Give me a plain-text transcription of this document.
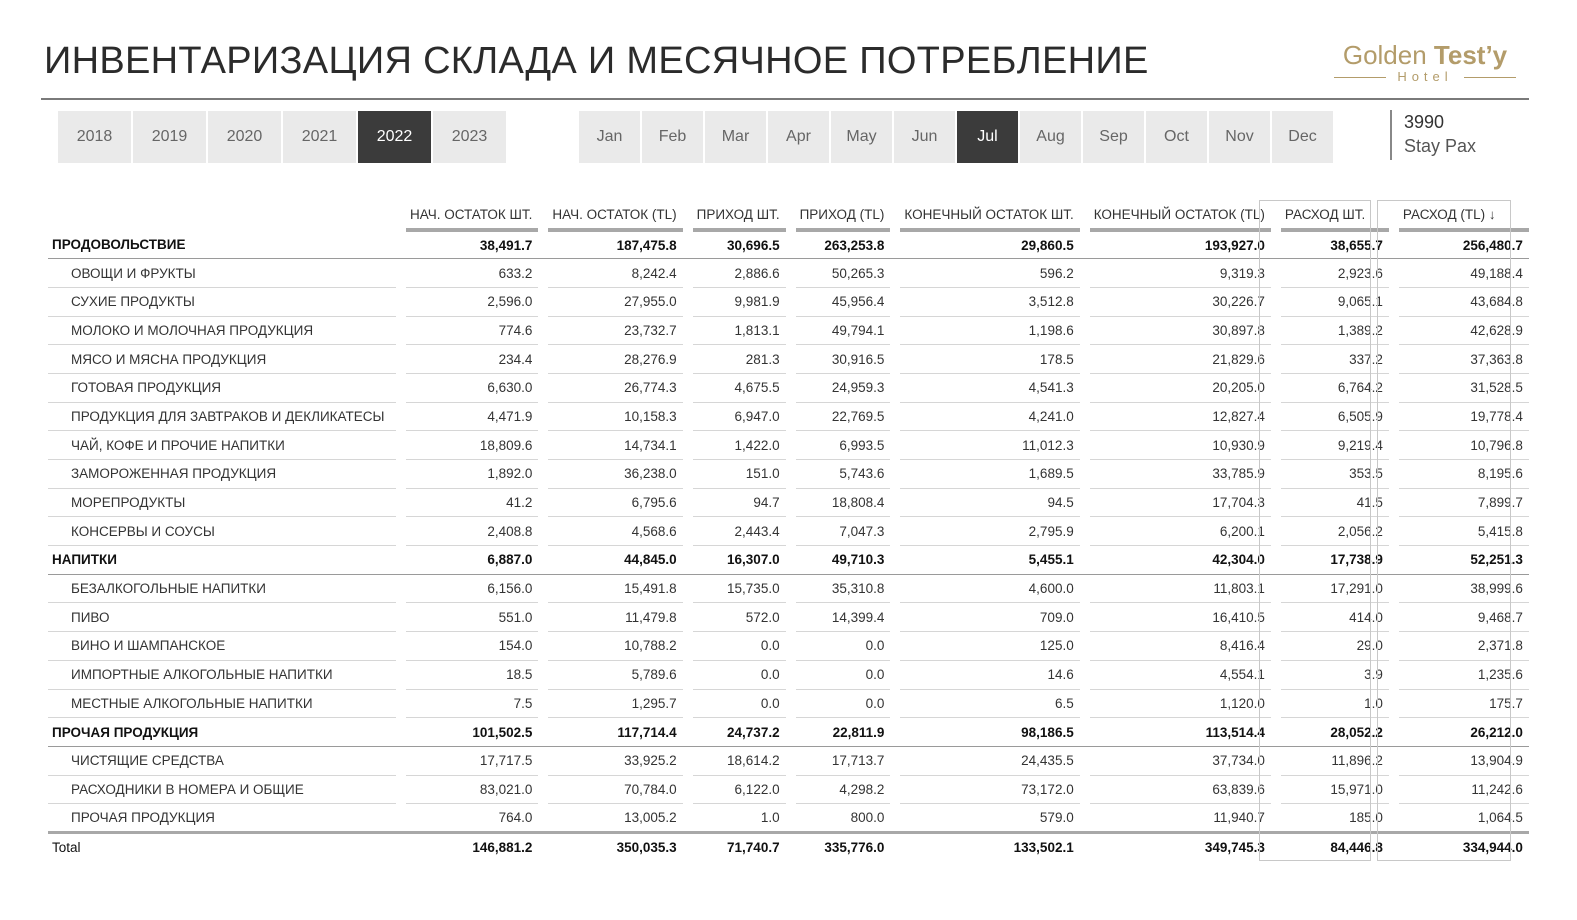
ИНВЕНТАРИЗАЦИЯ СКЛАДА И МЕСЯЧНОЕ ПОТРЕБЛЕНИЕ	Golden Test’y
Hotel
2018	2019	2020	2021	2022	2023	Jan	Feb	Mar	Apr	May	Jun	Jul	Aug	Sep	Oct	Nov	Dec
3990
Stay Pax
		НАЧ. ОСТАТОК ШТ.		НАЧ. ОСТАТОК (TL)		ПРИХОД ШТ.		ПРИХОД (TL)		КОНЕЧНЫЙ ОСТАТОК ШТ.		КОНЕЧНЫЙ ОСТАТОК (TL)		РАСХОД ШТ.		РАСХОД (TL) ↓
ПРОДОВОЛЬСТВИЕ		38,491.7		187,475.8		30,696.5		263,253.8		29,860.5		193,927.0		38,655.7		256,480.7
ОВОЩИ И ФРУКТЫ		633.2		8,242.4		2,886.6		50,265.3		596.2		9,319.3		2,923.6		49,188.4
СУХИЕ ПРОДУКТЫ		2,596.0		27,955.0		9,981.9		45,956.4		3,512.8		30,226.7		9,065.1		43,684.8
МОЛОКО И МОЛОЧНАЯ ПРОДУКЦИЯ		774.6		23,732.7		1,813.1		49,794.1		1,198.6		30,897.8		1,389.2		42,628.9
МЯСО И МЯСНА ПРОДУКЦИЯ		234.4		28,276.9		281.3		30,916.5		178.5		21,829.6		337.2		37,363.8
ГОТОВАЯ ПРОДУКЦИЯ		6,630.0		26,774.3		4,675.5		24,959.3		4,541.3		20,205.0		6,764.2		31,528.5
ПРОДУКЦИЯ ДЛЯ ЗАВТРАКОВ И ДЕКЛИКАТЕСЫ		4,471.9		10,158.3		6,947.0		22,769.5		4,241.0		12,827.4		6,505.9		19,778.4
ЧАЙ, КОФЕ И ПРОЧИЕ НАПИТКИ		18,809.6		14,734.1		1,422.0		6,993.5		11,012.3		10,930.9		9,219.4		10,796.8
ЗАМОРОЖЕННАЯ ПРОДУКЦИЯ		1,892.0		36,238.0		151.0		5,743.6		1,689.5		33,785.9		353.5		8,195.6
МОРЕПРОДУКТЫ		41.2		6,795.6		94.7		18,808.4		94.5		17,704.3		41.5		7,899.7
КОНСЕРВЫ И СОУСЫ		2,408.8		4,568.6		2,443.4		7,047.3		2,795.9		6,200.1		2,056.2		5,415.8
НАПИТКИ		6,887.0		44,845.0		16,307.0		49,710.3		5,455.1		42,304.0		17,738.9		52,251.3
БЕЗАЛКОГОЛЬНЫЕ НАПИТКИ		6,156.0		15,491.8		15,735.0		35,310.8		4,600.0		11,803.1		17,291.0		38,999.6
ПИВО		551.0		11,479.8		572.0		14,399.4		709.0		16,410.5		414.0		9,468.7
ВИНО И ШАМПАНСКОЕ		154.0		10,788.2		0.0		0.0		125.0		8,416.4		29.0		2,371.8
ИМПОРТНЫЕ АЛКОГОЛЬНЫЕ НАПИТКИ		18.5		5,789.6		0.0		0.0		14.6		4,554.1		3.9		1,235.6
МЕСТНЫЕ АЛКОГОЛЬНЫЕ НАПИТКИ		7.5		1,295.7		0.0		0.0		6.5		1,120.0		1.0		175.7
ПРОЧАЯ ПРОДУКЦИЯ		101,502.5		117,714.4		24,737.2		22,811.9		98,186.5		113,514.4		28,052.2		26,212.0
ЧИСТЯЩИЕ СРЕДСТВА		17,717.5		33,925.2		18,614.2		17,713.7		24,435.5		37,734.0		11,896.2		13,904.9
РАСХОДНИКИ В НОМЕРА И ОБЩИЕ		83,021.0		70,784.0		6,122.0		4,298.2		73,172.0		63,839.6		15,971.0		11,242.6
ПРОЧАЯ ПРОДУКЦИЯ		764.0		13,005.2		1.0		800.0		579.0		11,940.7		185.0		1,064.5
Total		146,881.2		350,035.3		71,740.7		335,776.0		133,502.1		349,745.3		84,446.8		334,944.0
